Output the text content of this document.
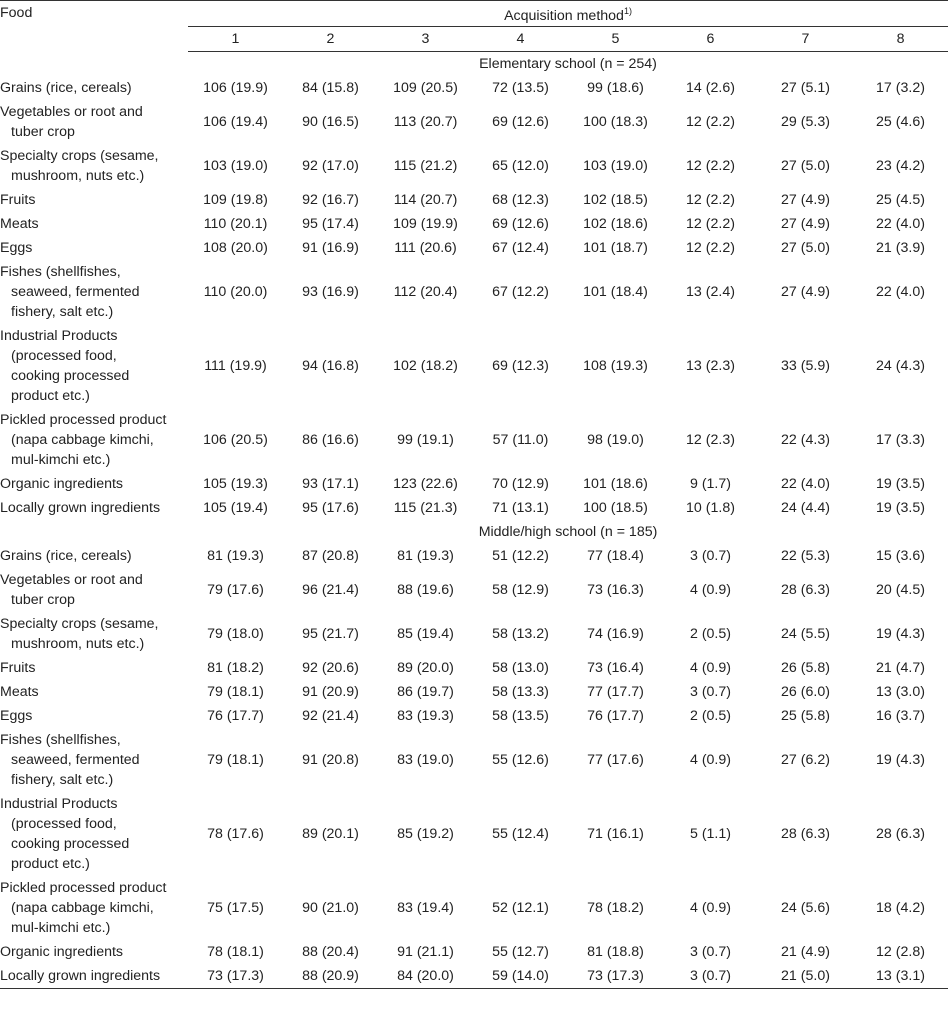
Food	Acquisition method$^{1)}$
	1	2	3	4	5	6	7	8
	Elementary school (n = 254)							
Grains (rice, cereals)	106 (19.9)	84 (15.8)	109 (20.5)	72 (13.5)	99 (18.6)	14 (2.6)	27 (5.1)	17 (3.2)
Vegetables or root and
tuber crop	106 (19.4)	90 (16.5)	113 (20.7)	69 (12.6)	100 (18.3)	12 (2.2)	29 (5.3)	25 (4.6)
Specialty crops (sesame,
mushroom, nuts etc.)	103 (19.0)	92 (17.0)	115 (21.2)	65 (12.0)	103 (19.0)	12 (2.2)	27 (5.0)	23 (4.2)
Fruits	109 (19.8)	92 (16.7)	114 (20.7)	68 (12.3)	102 (18.5)	12 (2.2)	27 (4.9)	25 (4.5)
Meats	110 (20.1)	95 (17.4)	109 (19.9)	69 (12.6)	102 (18.6)	12 (2.2)	27 (4.9)	22 (4.0)
Eggs	108 (20.0)	91 (16.9)	111 (20.6)	67 (12.4)	101 (18.7)	12 (2.2)	27 (5.0)	21 (3.9)
Fishes (shellfishes,
seaweed, fermented
fishery, salt etc.)	110 (20.0)	93 (16.9)	112 (20.4)	67 (12.2)	101 (18.4)	13 (2.4)	27 (4.9)	22 (4.0)
Industrial Products
(processed food,
cooking processed
product etc.)	111 (19.9)	94 (16.8)	102 (18.2)	69 (12.3)	108 (19.3)	13 (2.3)	33 (5.9)	24 (4.3)
Pickled processed product
(napa cabbage kimchi,
mul-kimchi etc.)	106 (20.5)	86 (16.6)	99 (19.1)	57 (11.0)	98 (19.0)	12 (2.3)	22 (4.3)	17 (3.3)
Organic ingredients	105 (19.3)	93 (17.1)	123 (22.6)	70 (12.9)	101 (18.6)	9 (1.7)	22 (4.0)	19 (3.5)
Locally grown ingredients	105 (19.4)	95 (17.6)	115 (21.3)	71 (13.1)	100 (18.5)	10 (1.8)	24 (4.4)	19 (3.5)
	Middle/high school (n = 185)							
Grains (rice, cereals)	81 (19.3)	87 (20.8)	81 (19.3)	51 (12.2)	77 (18.4)	3 (0.7)	22 (5.3)	15 (3.6)
Vegetables or root and
tuber crop	79 (17.6)	96 (21.4)	88 (19.6)	58 (12.9)	73 (16.3)	4 (0.9)	28 (6.3)	20 (4.5)
Specialty crops (sesame,
mushroom, nuts etc.)	79 (18.0)	95 (21.7)	85 (19.4)	58 (13.2)	74 (16.9)	2 (0.5)	24 (5.5)	19 (4.3)
Fruits	81 (18.2)	92 (20.6)	89 (20.0)	58 (13.0)	73 (16.4)	4 (0.9)	26 (5.8)	21 (4.7)
Meats	79 (18.1)	91 (20.9)	86 (19.7)	58 (13.3)	77 (17.7)	3 (0.7)	26 (6.0)	13 (3.0)
Eggs	76 (17.7)	92 (21.4)	83 (19.3)	58 (13.5)	76 (17.7)	2 (0.5)	25 (5.8)	16 (3.7)
Fishes (shellfishes,
seaweed, fermented
fishery, salt etc.)	79 (18.1)	91 (20.8)	83 (19.0)	55 (12.6)	77 (17.6)	4 (0.9)	27 (6.2)	19 (4.3)
Industrial Products
(processed food,
cooking processed
product etc.)	78 (17.6)	89 (20.1)	85 (19.2)	55 (12.4)	71 (16.1)	5 (1.1)	28 (6.3)	28 (6.3)
Pickled processed product
(napa cabbage kimchi,
mul-kimchi etc.)	75 (17.5)	90 (21.0)	83 (19.4)	52 (12.1)	78 (18.2)	4 (0.9)	24 (5.6)	18 (4.2)
Organic ingredients	78 (18.1)	88 (20.4)	91 (21.1)	55 (12.7)	81 (18.8)	3 (0.7)	21 (4.9)	12 (2.8)
Locally grown ingredients	73 (17.3)	88 (20.9)	84 (20.0)	59 (14.0)	73 (17.3)	3 (0.7)	21 (5.0)	13 (3.1)
